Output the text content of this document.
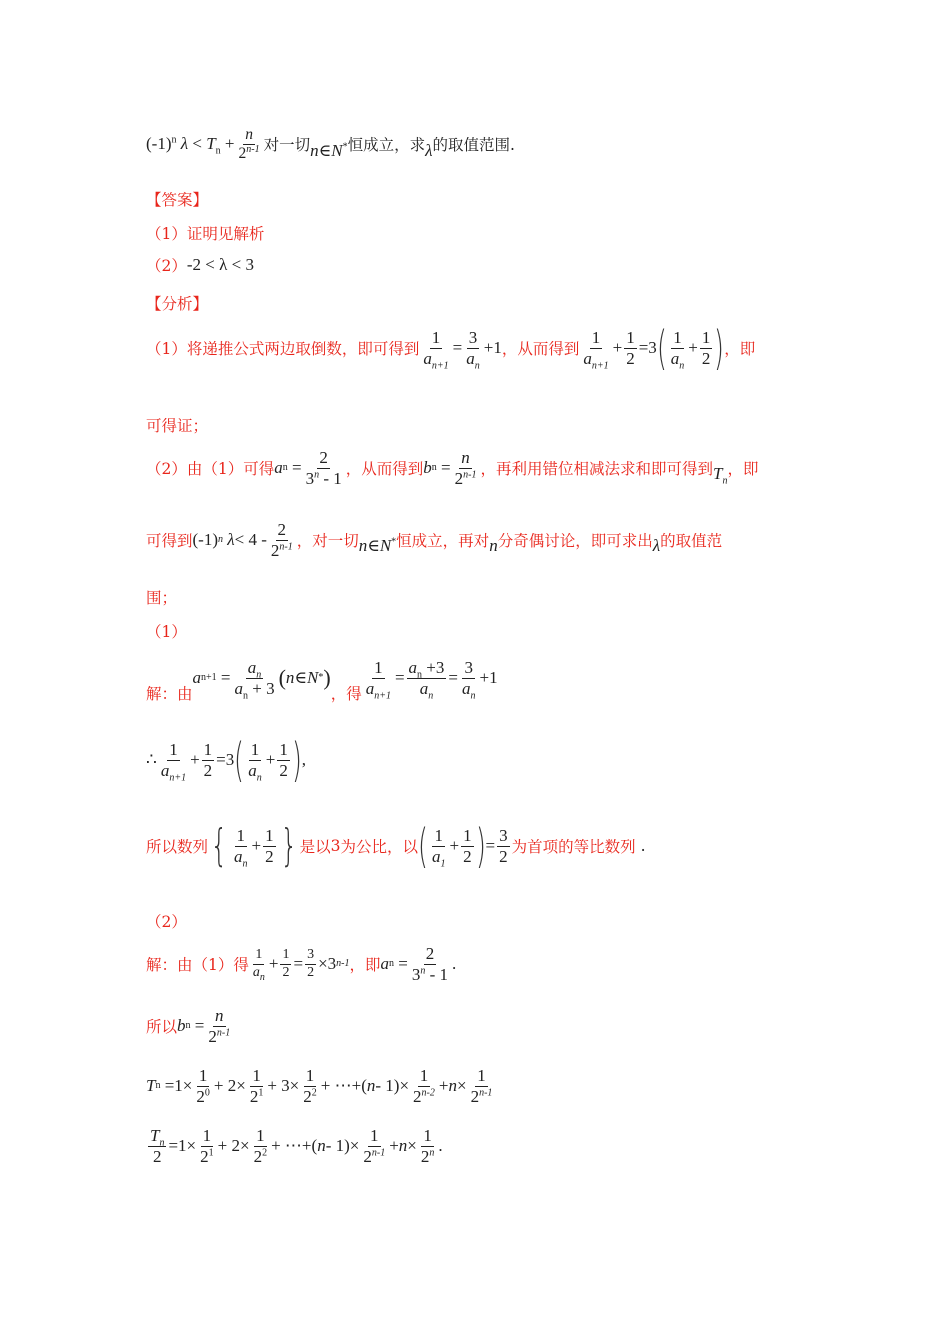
$(-1)^n$ $\lambda < T_n + \frac{n}{2^{n-1}}$ 对一切 n∈N* 恒成立，求 λ 的取值范围.
【答案】
（1） 证明见解析
（2） -2 < λ < 3
【分析】
（1） 将递推公式两边取倒数，即可得到 $\frac{1}{a_{n+1}} = \frac{3}{a_n} +1$ ，从而得到 $\frac{1}{a_{n+1}} + \frac{1}{2} =3$ ( $\frac{1}{a_n} + \frac{1}{2}$ ) ，即
可得证；
（2） 由（1）可得 a $n = \frac{2}{3^n - 1}$ ，从而得到 b $n = \frac{n}{2^{n-1}}$ ，再利用错位相减法求和即可得到 $T_n$
，即
可得到 (-1) n
$\lambda < 4 - \frac{2}{2^{n-1}}$ ，对一切 n∈N* 恒成立，再对 n 分奇偶讨论，即可求出 λ 的取值范
围；
（1）
解：由
a $n+1 = \frac{a_n}{a_n + 3}$ ( n ∈ N * )
，得 $\frac{1}{a_{n+1}} = \frac{a_n +3}{a_n} = \frac{3}{a_n} +1$
∴ $\frac{1}{a_{n+1}} + \frac{1}{2} =3$ ( $\frac{1}{a_n} + \frac{1}{2}$ ) ,
所以数列 { $\frac{1}{a_n} + \frac{1}{2}$ } 是以 3 为公比，以 ( $\frac{1}{a_1} + \frac{1}{2}$ ) = $\frac{3}{2}$ 为首项的等比数列
.
（2）
解：由（1）得 $\frac{1}{a_n} + \frac{1}{2} = \frac{3}{2} \times 3$ n-1 ，即 a $n = \frac{2}{3^n - 1}$ .
所以 b $n = \frac{n}{2^{n-1}}$
T $n =1\times \frac{1}{2^0} + 2\times \frac{1}{2^1} + 3\times \frac{1}{2^2}$ + ⋯+( $n - 1)\times \frac{1}{2^{n-2}} + n \times \frac{1}{2^{n-1}}$
$\frac{T_n}{2} =1\times \frac{1}{2^1} + 2\times \frac{1}{2^2}$ + ⋯+( $n - 1)\times \frac{1}{2^{n-1}} + n \times \frac{1}{2^n}$ .
